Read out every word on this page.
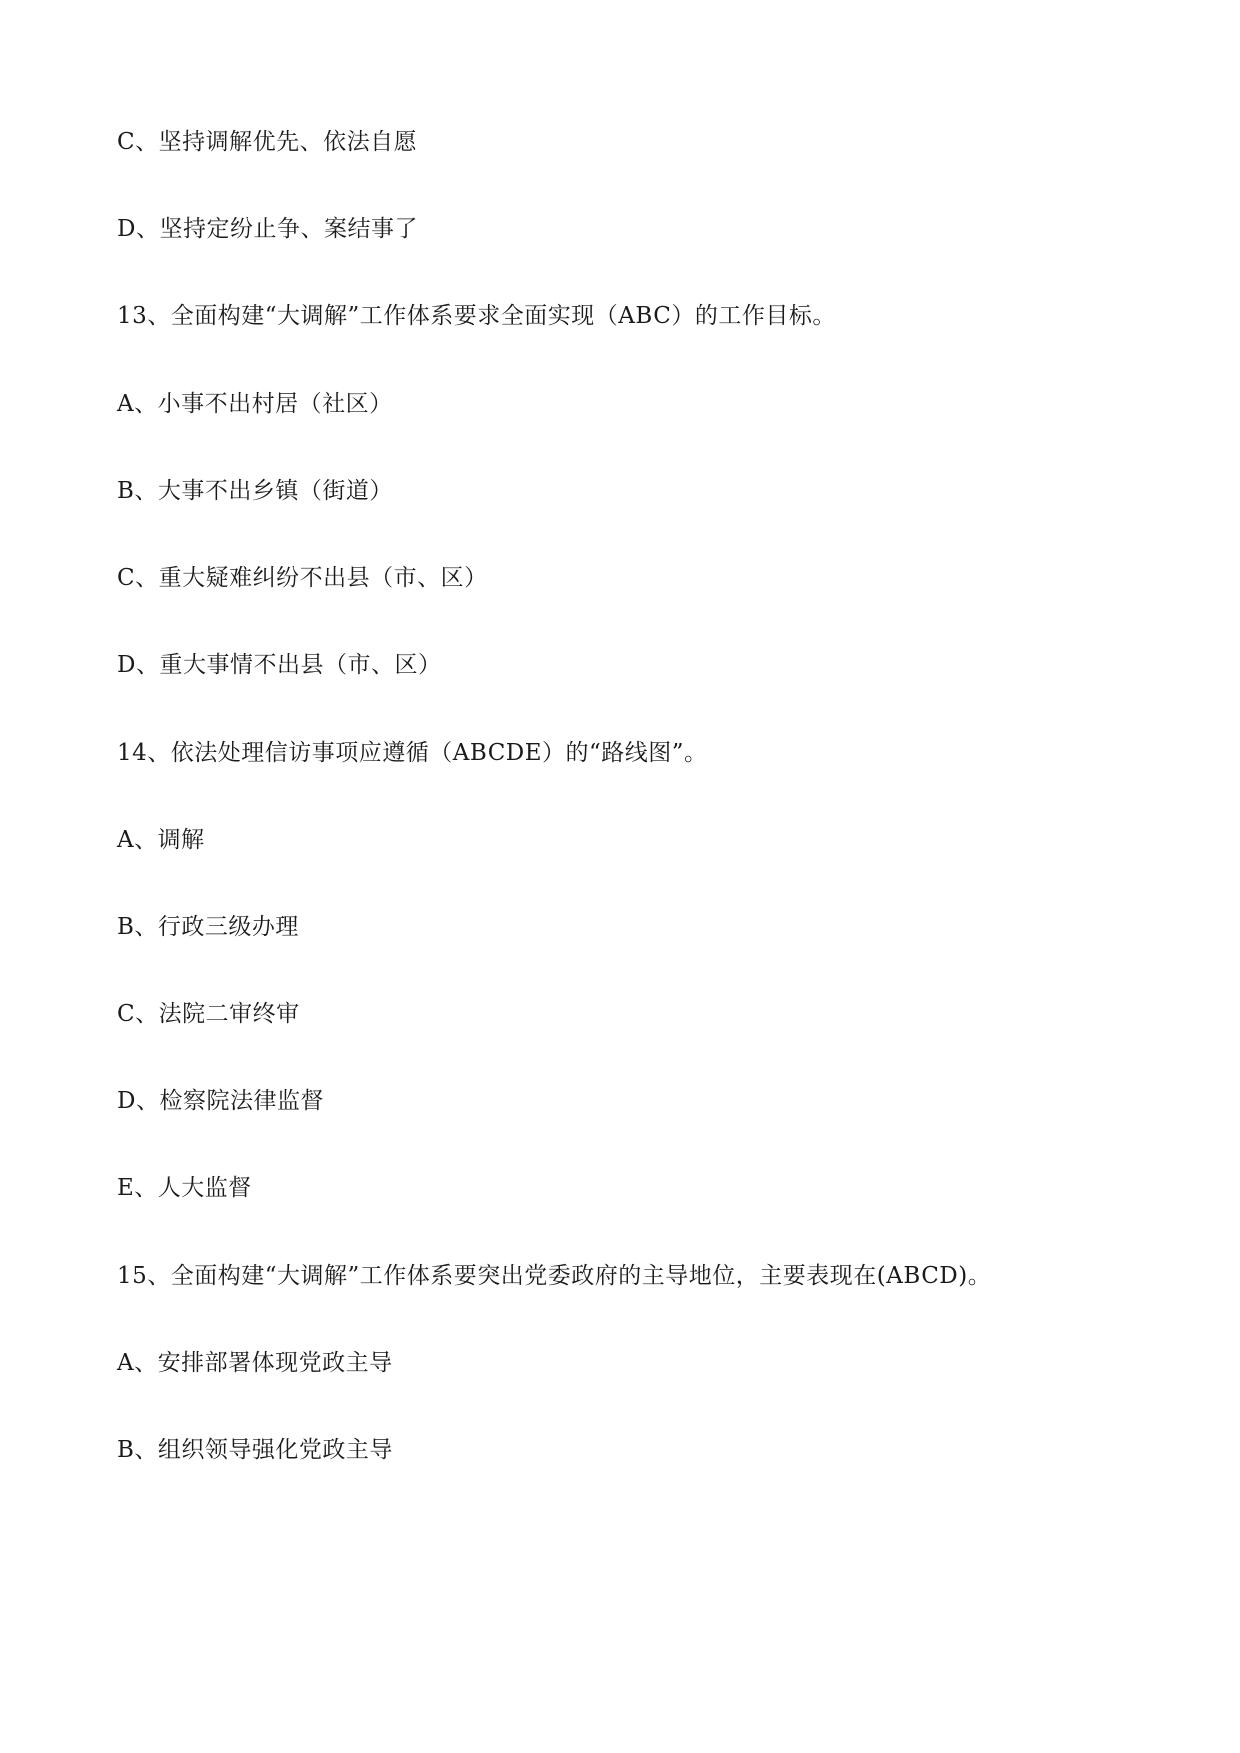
C、坚持调解优先、依法自愿
D、坚持定纷止争、案结事了
13、全面构建“大调解”工作体系要求全面实现（ABC）的工作目标。
A、小事不出村居（社区）
B、大事不出乡镇（街道）
C、重大疑难纠纷不出县（市、区）
D、重大事情不出县（市、区）
14、依法处理信访事项应遵循（ABCDE）的“路线图”。
A、调解
B、行政三级办理
C、法院二审终审
D、检察院法律监督
E、人大监督
15、全面构建“大调解”工作体系要突出党委政府的主导地位，主要表现在(ABCD)。
A、安排部署体现党政主导
B、组织领导强化党政主导
